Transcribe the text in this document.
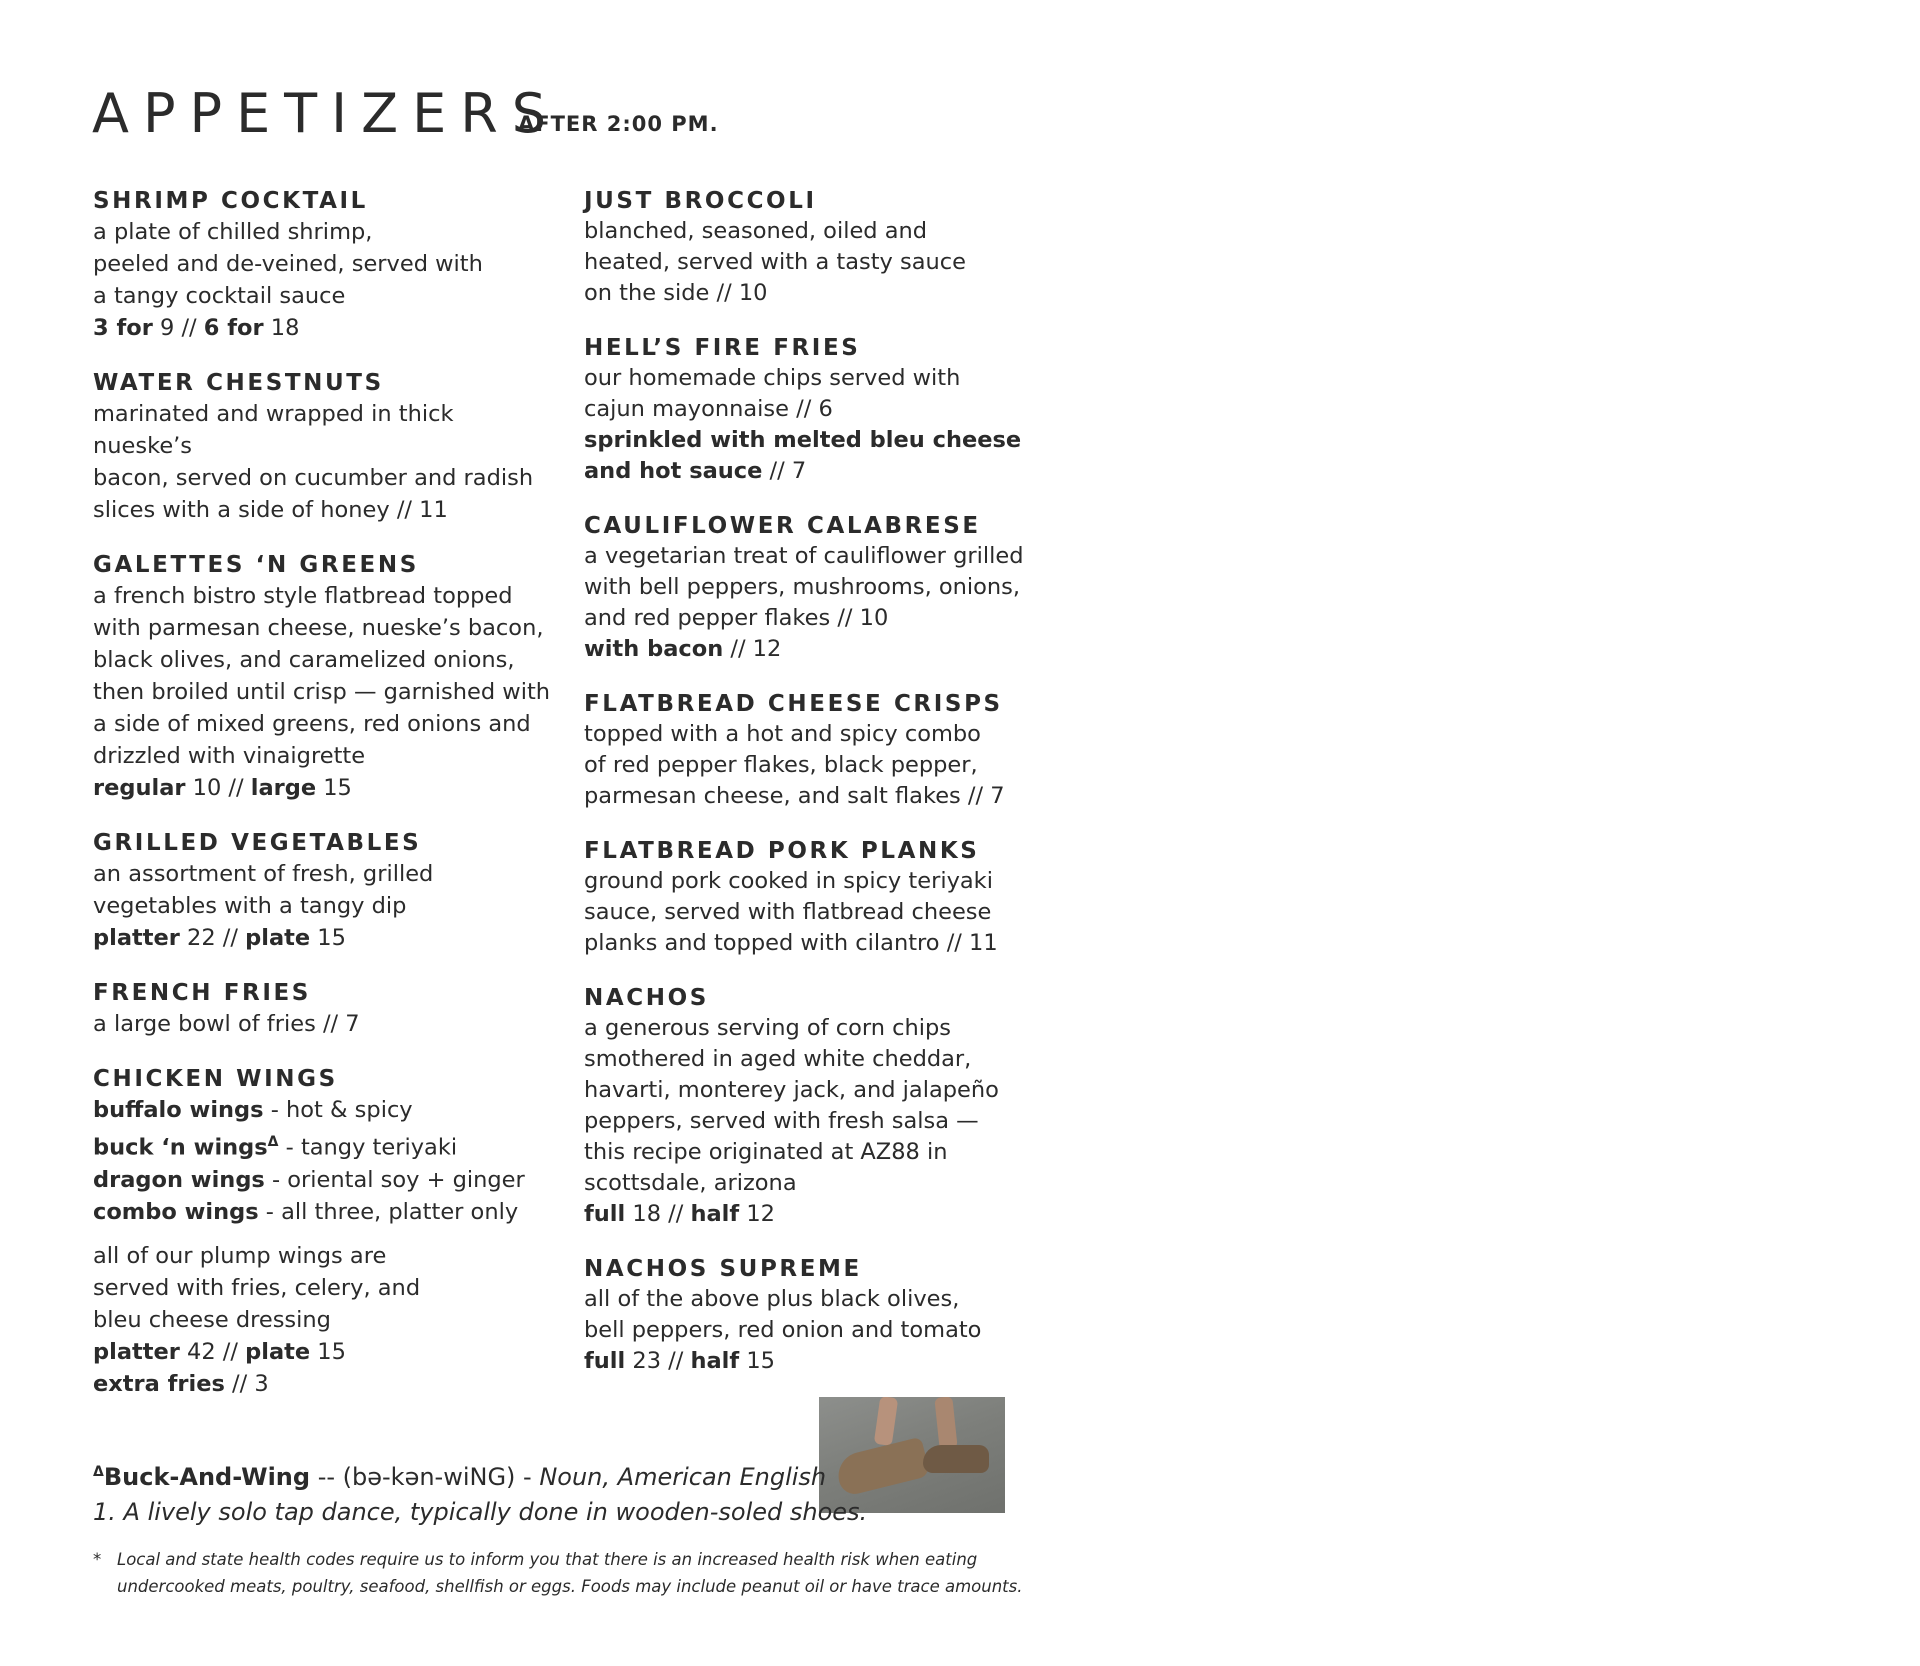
APPETIZERS
AFTER 2:00 PM.
SHRIMP COCKTAIL
a plate of chilled shrimp,
peeled and de-veined, served with
a tangy cocktail sauce
3 for 9 // 6 for 18
WATER CHESTNUTS
marinated and wrapped in thick nueske’s
bacon, served on cucumber and radish
slices with a side of honey // 11
GALETTES ‘N GREENS
a french bistro style flatbread topped
with parmesan cheese, nueske’s bacon,
black olives, and caramelized onions,
then broiled until crisp — garnished with
a side of mixed greens, red onions and
drizzled with vinaigrette
regular 10 // large 15
GRILLED VEGETABLES
an assortment of fresh, grilled
vegetables with a tangy dip
platter 22 // plate 15
FRENCH FRIES
a large bowl of fries // 7
CHICKEN WINGS
buffalo wings - hot & spicy
buck ‘n wings$^\Delta$ - tangy teriyaki
dragon wings - oriental soy + ginger
combo wings - all three, platter only
all of our plump wings are
served with fries, celery, and
bleu cheese dressing
platter 42 // plate 15
extra fries // 3
JUST BROCCOLI
blanched, seasoned, oiled and
heated, served with a tasty sauce
on the side // 10
HELL’S FIRE FRIES
our homemade chips served with
cajun mayonnaise // 6
sprinkled with melted bleu cheese
and hot sauce // 7
CAULIFLOWER CALABRESE
a vegetarian treat of cauliflower grilled
with bell peppers, mushrooms, onions,
and red pepper flakes // 10
with bacon // 12
FLATBREAD CHEESE CRISPS
topped with a hot and spicy combo
of red pepper flakes, black pepper,
parmesan cheese, and salt flakes // 7
FLATBREAD PORK PLANKS
ground pork cooked in spicy teriyaki
sauce, served with flatbread cheese
planks and topped with cilantro // 11
NACHOS
a generous serving of corn chips
smothered in aged white cheddar,
havarti, monterey jack, and jalapeño
peppers, served with fresh salsa —
this recipe originated at AZ88 in
scottsdale, arizona
full 18 // half 12
NACHOS SUPREME
all of the above plus black olives,
bell peppers, red onion and tomato
full 23 // half 15
$^\Delta$Buck-And-Wing -- (bə-kən-wiNG) - Noun, American English
1. A lively solo tap dance, typically done in wooden-soled shoes.
* Local and state health codes require us to inform you that there is an increased health risk when eating
undercooked meats, poultry, seafood, shellfish or eggs. Foods may include peanut oil or have trace amounts.
